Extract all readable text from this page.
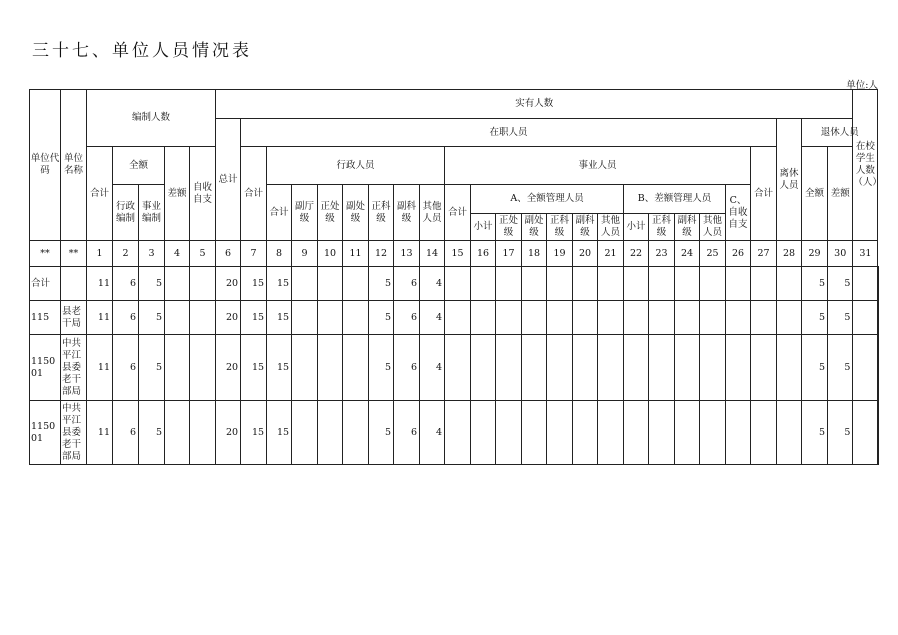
三十七、单位人员情况表
单位:人
单位代码	单位名称	编制人数					实有人数																									在校学生人数（人）	
							总计	在职人员																					离休人员	退休人员			
		合计	全额		差额	自收自支		合计	行政人员							事业人员												合计		全额	差额		
			行政编制	事业编制					合计	副厅级	正处级	副处级	正科级	副科级	其他人员	合计	A、全额管理人员						B、差额管理人员				C、自收自支						
																	小计	正处级	副处级	正科级	副科级	其他人员	小计	正科级	副科级	其他人员							
**	**	1	2	3	4	5	6	7	8	9	10	11	12	13	14	15	16	17	18	19	20	21	22	23	24	25	26	27	28	29	30	31	
合计		11	6	5			20	15	15				5	6	4															5	5		
115	县老干局	11	6	5			20	15	15				5	6	4															5	5		
115001	中共平江县委老干部局	11	6	5			20	15	15				5	6	4															5	5		
115001	中共平江县委老干部局	11	6	5			20	15	15				5	6	4															5	5		
